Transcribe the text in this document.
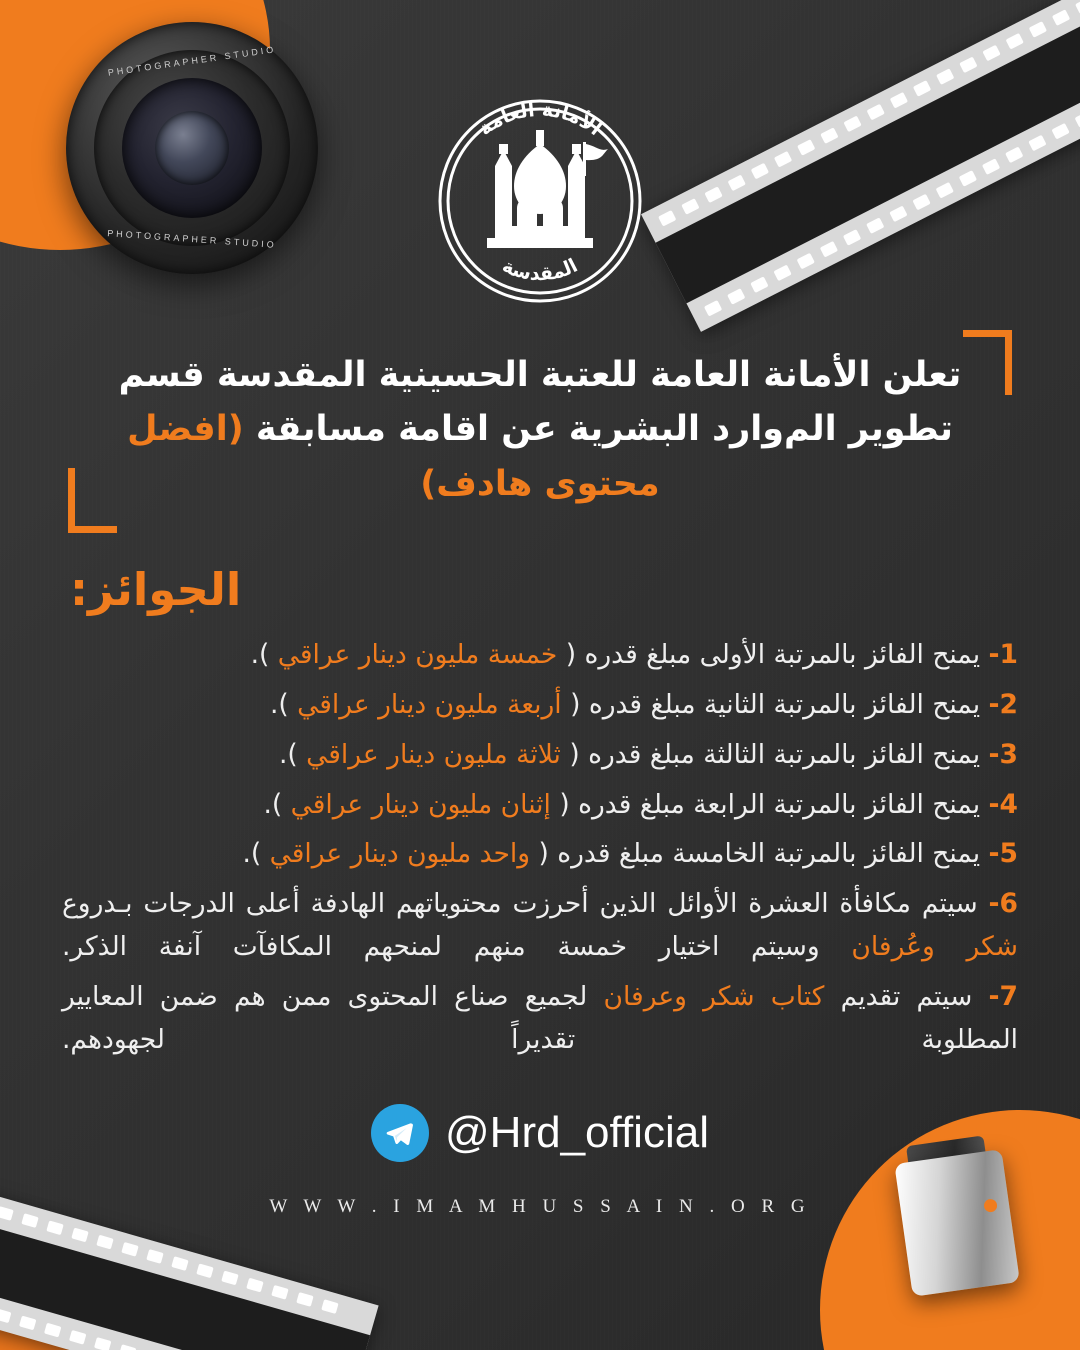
PHOTOGRAPHER STUDIO
PHOTOGRAPHER STUDIO
الأمانة العامة
المقدسة

تعلن الأمانة العامة للعتبة الحسينية المقدسة قسم تطوير الم‌وارد البشرية عن اقامة مسابقة (افضل محتوى هادف)

الجوائز:
1- يمنح الفائز بالمرتبة الأولى مبلغ قدره ( خمسة مليون دينار عراقي ).
2- يمنح الفائز بالمرتبة الثانية مبلغ قدره ( أربعة مليون دينار عراقي ).
3- يمنح الفائز بالمرتبة الثالثة مبلغ قدره ( ثلاثة مليون دينار عراقي ).
4- يمنح الفائز بالمرتبة الرابعة مبلغ قدره ( إثنان مليون دينار عراقي ).
5- يمنح الفائز بالمرتبة الخامسة مبلغ قدره ( واحد مليون دينار عراقي ).
6- سيتم مكافأة العشرة الأوائل الذين أحرزت محتوياتهم الهادفة أعلى الدرجات بـدروع شكر وعُرفان وسيتم اختيار خمسة منهم لمنحهم المكافآت آنفة الذكر.
7- سيتم تقديم كتاب شكر وعرفان لجميع صناع المحتوى ممن هم ضمن المعايير المطلوبة تقديراً لجهودهم.
@Hrd_official
W W W . I M A M H U S S A I N . O R G
